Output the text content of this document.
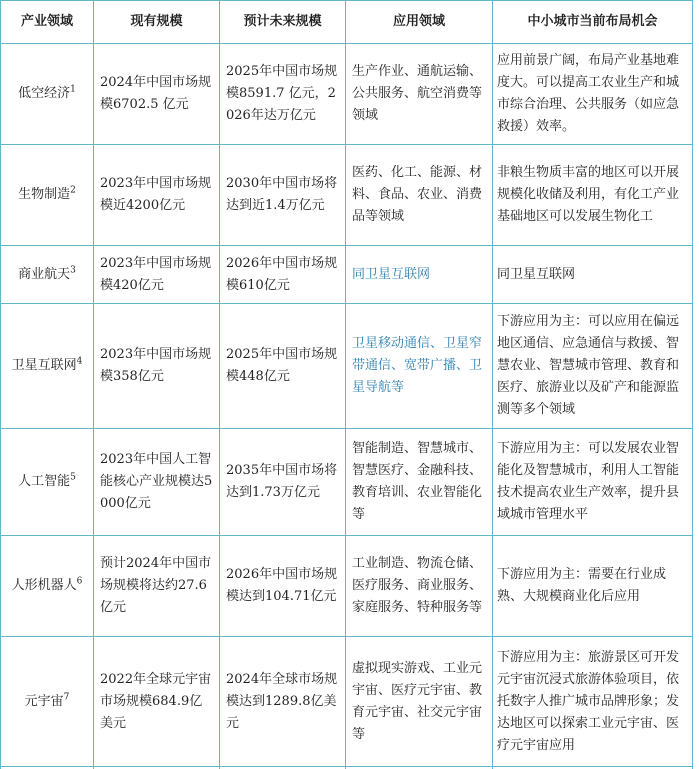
产业领域	现有规模	预计未来规模	应用领域	中小城市当前布局机会
低空经济$^1$	2024年中国市场规模6702.5 亿元	2025年中国市场规模8591.7 亿元，2026年达万亿元	生产作业、通航运输、公共服务、航空消费等领域	应用前景广阔，布局产业基地难度大。可以提高工农业生产和城市综合治理、公共服务（如应急救援）效率。
生物制造$^2$	2023年中国市场规模近4200亿元	2030年中国市场将达到近1.4万亿元	医药、化工、能源、材料、食品、农业、消费品等领域	非粮生物质丰富的地区可以开展规模化收储及利用，有化工产业基础地区可以发展生物化工
商业航天$^3$	2023年中国市场规模420亿元	2026年中国市场规模610亿元	同卫星互联网	同卫星互联网
卫星互联网$^4$	2023年中国市场规模358亿元	2025年中国市场规模448亿元	卫星移动通信、卫星窄带通信、宽带广播、卫星导航等	下游应用为主：可以应用在偏远地区通信、应急通信与救援、智慧农业、智慧城市管理、教育和医疗、旅游业以及矿产和能源监测等多个领域
人工智能$^5$	2023年中国人工智能核心产业规模达5000亿元	2035年中国市场将达到1.73万亿元	智能制造、智慧城市、智慧医疗、金融科技、教育培训、农业智能化等	下游应用为主：可以发展农业智能化及智慧城市，利用人工智能技术提高农业生产效率，提升县域城市管理水平
人形机器人$^6$	预计2024年中国市场规模将达约27.6亿元	2026年中国市场规模达到104.71亿元	工业制造、物流仓储、医疗服务、商业服务、家庭服务、特种服务等	下游应用为主：需要在行业成熟、大规模商业化后应用
元宇宙$^7$	2022年全球元宇宙市场规模684.9亿美元	2024年全球市场规模达到1289.8亿美元	虚拟现实游戏、工业元宇宙、医疗元宇宙、教育元宇宙、社交元宇宙等	下游应用为主：旅游景区可开发元宇宙沉浸式旅游体验项目，依托数字人推广城市品牌形象；发达地区可以探索工业元宇宙、医疗元宇宙应用
